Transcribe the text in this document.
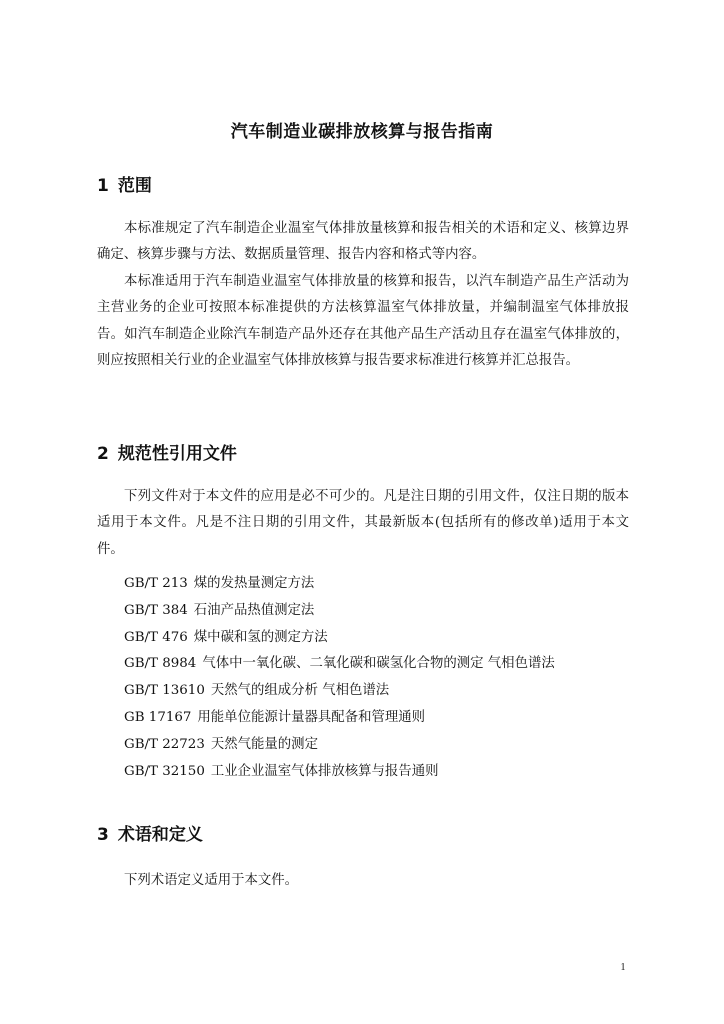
汽车制造业碳排放核算与报告指南
1 范围

本标准规定了汽车制造企业温室气体排放量核算和报告相关的术语和定义、核算边界确定、核算步骤与方法、数据质量管理、报告内容和格式等内容。

本标准适用于汽车制造业温室气体排放量的核算和报告，以汽车制造产品生产活动为主营业务的企业可按照本标准提供的方法核算温室气体排放量，并编制温室气体排放报告。如汽车制造企业除汽车制造产品外还存在其他产品生产活动且存在温室气体排放的，则应按照相关行业的企业温室气体排放核算与报告要求标准进行核算并汇总报告。

2 规范性引用文件

下列文件对于本文件的应用是必不可少的。凡是注日期的引用文件，仅注日期的版本适用于本文件。凡是不注日期的引用文件，其最新版本(包括所有的修改单)适用于本文件。

GB/T 213 煤的发热量测定方法
GB/T 384 石油产品热值测定法
GB/T 476 煤中碳和氢的测定方法
GB/T 8984 气体中一氧化碳、二氧化碳和碳氢化合物的测定 气相色谱法
GB/T 13610 天然气的组成分析 气相色谱法
GB 17167 用能单位能源计量器具配备和管理通则
GB/T 22723 天然气能量的测定
GB/T 32150 工业企业温室气体排放核算与报告通则
3 术语和定义

下列术语定义适用于本文件。

1
